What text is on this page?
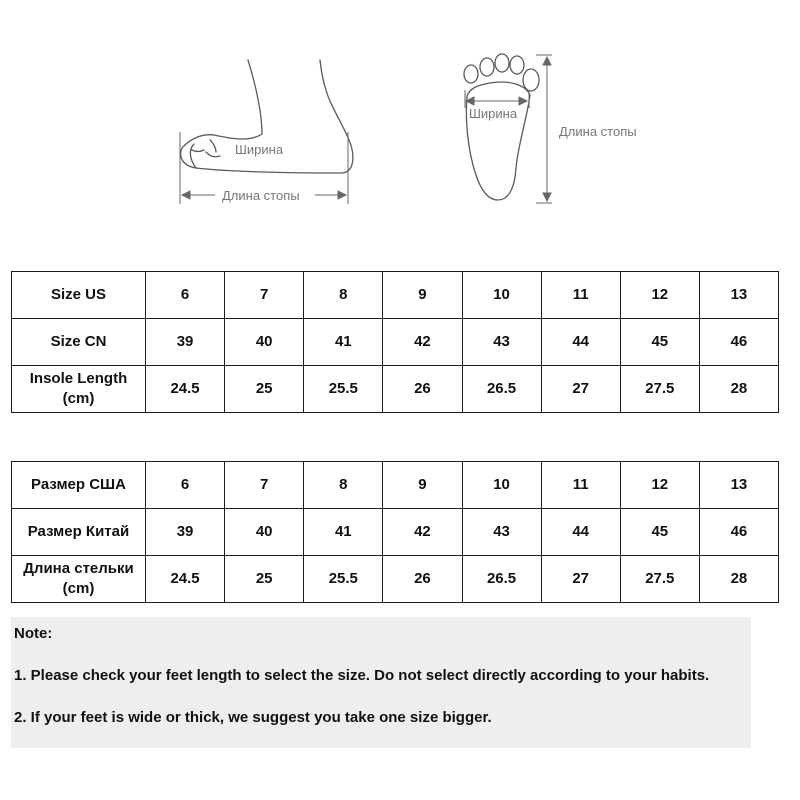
Ширина
Длина стопы
Ширина
Длина стопы
Size US	6	7	8	9	10	11	12	13
Size CN	39	40	41	42	43	44	45	46

Insole Length
(cm)	24.5	25	25.5	26	26.5	27	27.5	28
Размер США	6	7	8	9	10	11	12	13
Размер Китай	39	40	41	42	43	44	45	46

Длина стельки
(cm)	24.5	25	25.5	26	26.5	27	27.5	28
Note:
1. Please check your feet length to select the size. Do not select directly according to your habits.
2. If your feet is wide or thick, we suggest you take one size bigger.
